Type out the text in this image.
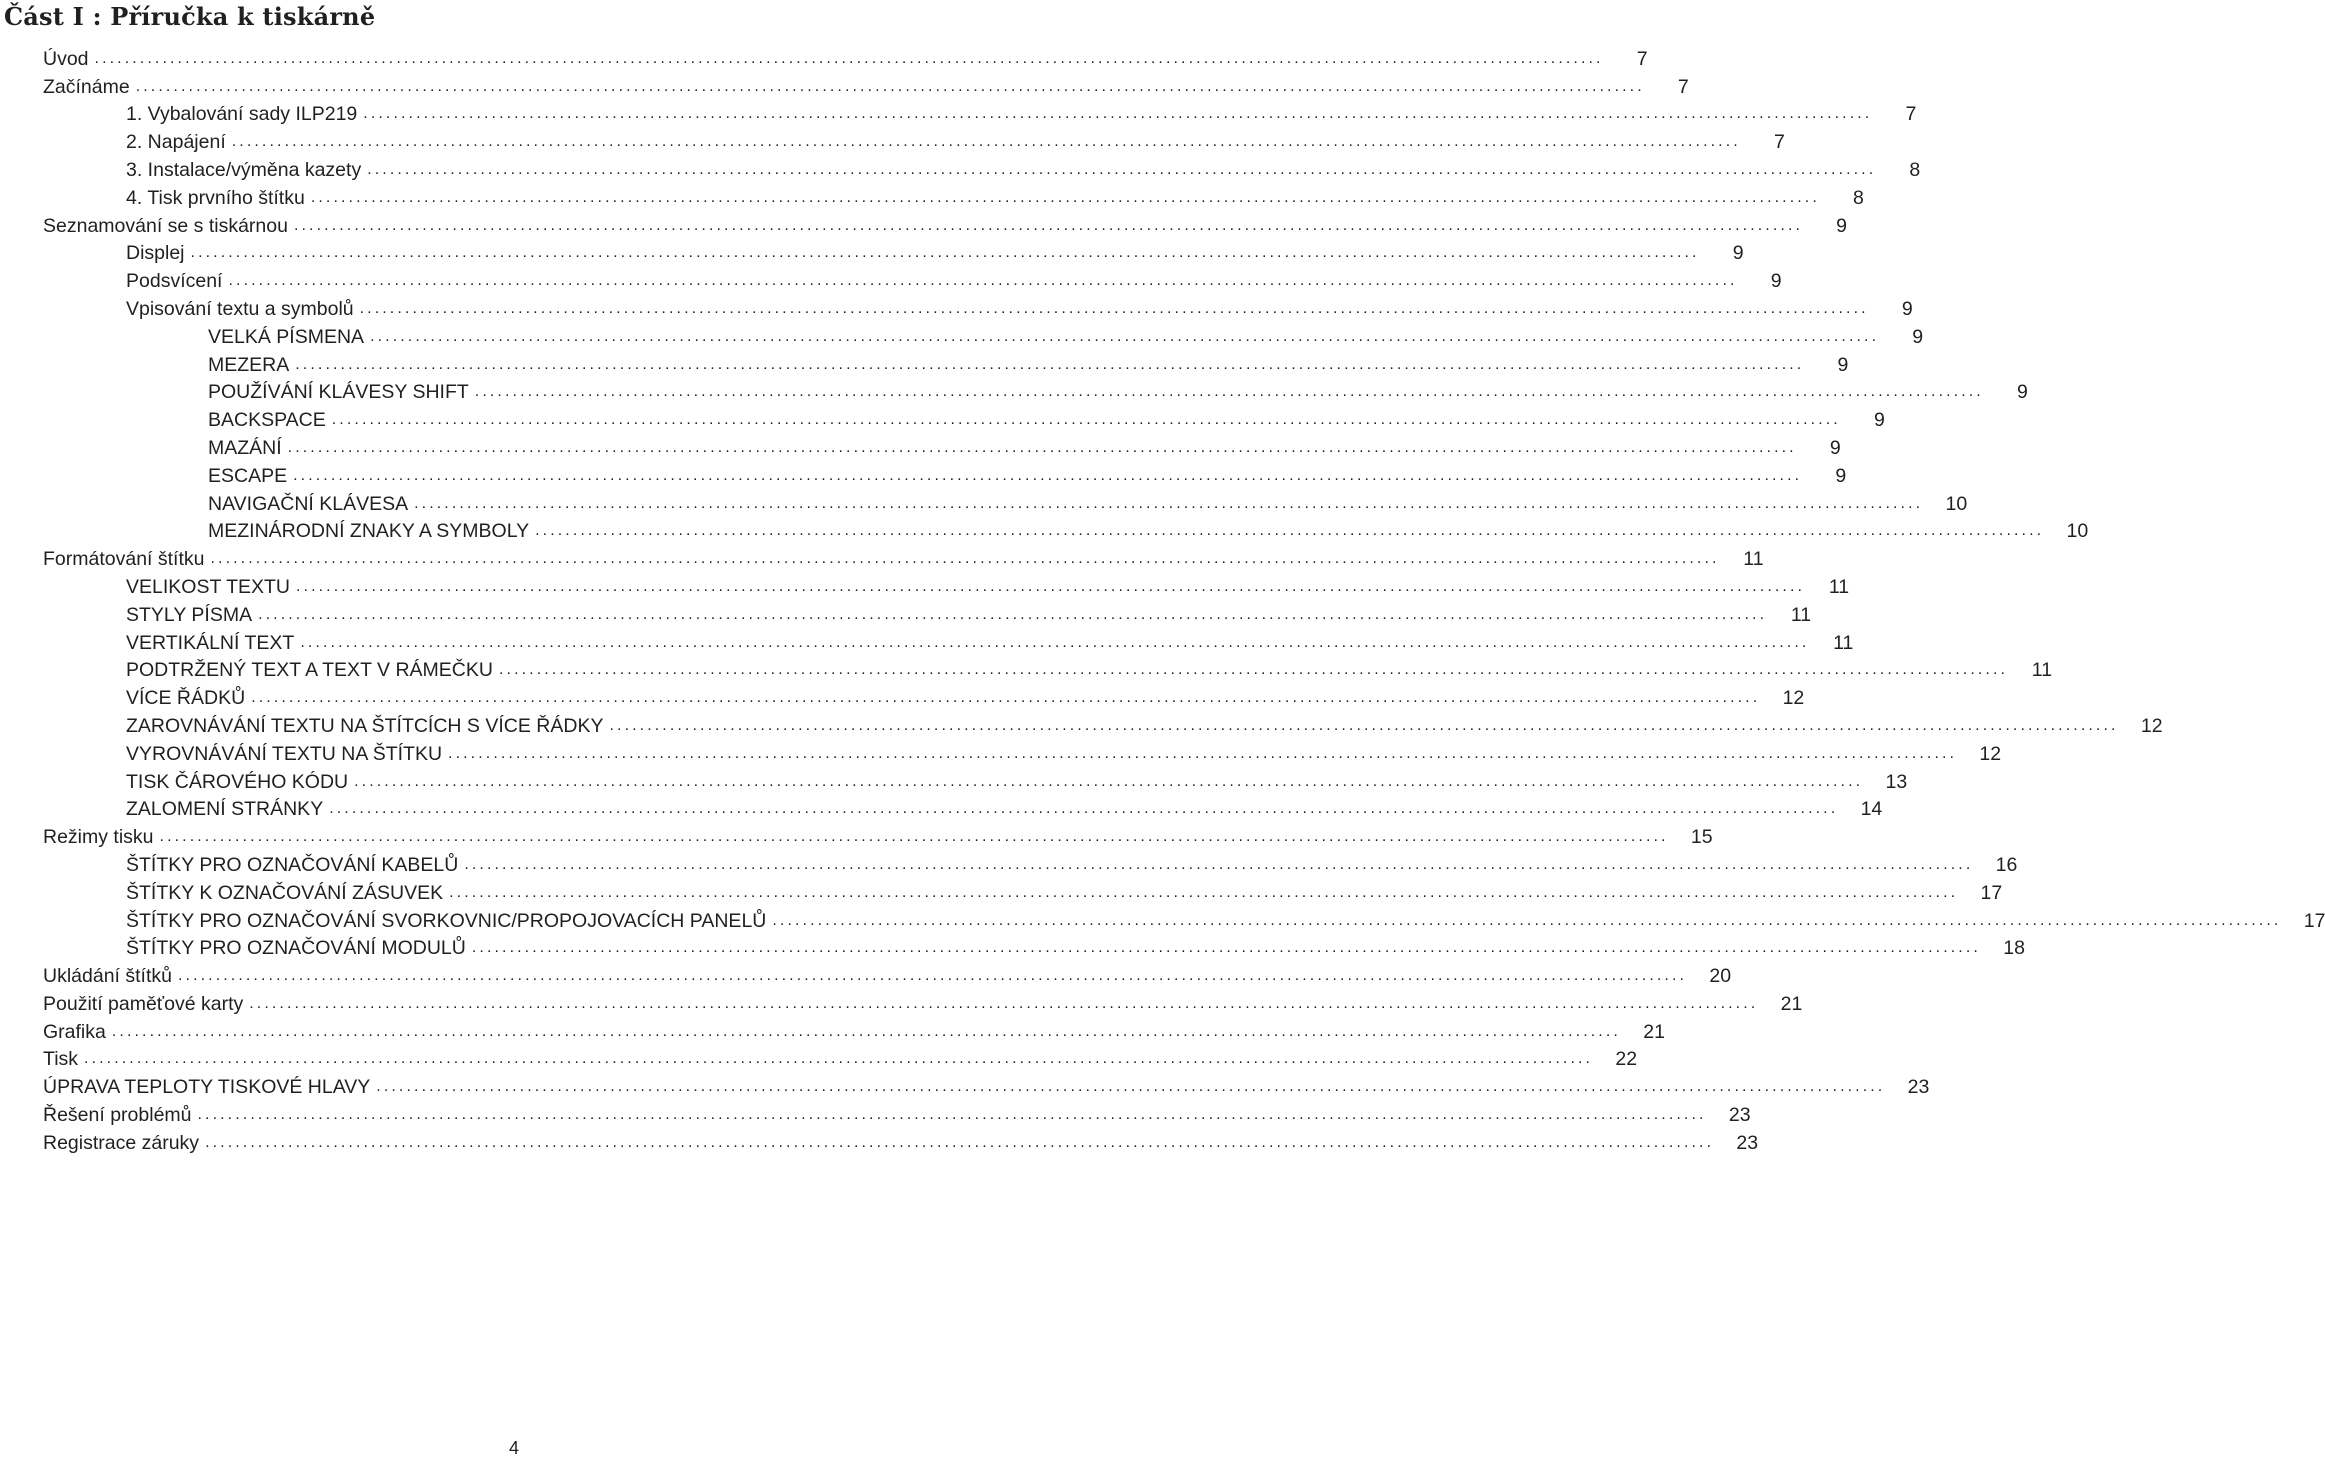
Část I : Příručka k tiskárně
Úvod ........................................................................................................................................................................................................	7
Začínáme ........................................................................................................................................................................................................	7
1. Vybalování sady ILP219 ........................................................................................................................................................................................................	7
2. Napájení ........................................................................................................................................................................................................	7
3. Instalace/výměna kazety ........................................................................................................................................................................................................	8
4. Tisk prvního štítku ........................................................................................................................................................................................................	8
Seznamování se s tiskárnou ........................................................................................................................................................................................................	9
Displej ........................................................................................................................................................................................................	9
Podsvícení ........................................................................................................................................................................................................	9
Vpisování textu a symbolů ........................................................................................................................................................................................................	9
VELKÁ PÍSMENA ........................................................................................................................................................................................................	9
MEZERA ........................................................................................................................................................................................................	9
POUŽÍVÁNÍ KLÁVESY SHIFT ........................................................................................................................................................................................................	9
BACKSPACE ........................................................................................................................................................................................................	9
MAZÁNÍ ........................................................................................................................................................................................................	9
ESCAPE ........................................................................................................................................................................................................	9
NAVIGAČNÍ KLÁVESA ........................................................................................................................................................................................................	10
MEZINÁRODNÍ ZNAKY A SYMBOLY ........................................................................................................................................................................................................	10
Formátování štítku ........................................................................................................................................................................................................	11
VELIKOST TEXTU ........................................................................................................................................................................................................	11
STYLY PÍSMA ........................................................................................................................................................................................................	11
VERTIKÁLNÍ TEXT ........................................................................................................................................................................................................	11
PODTRŽENÝ TEXT A TEXT V RÁMEČKU ........................................................................................................................................................................................................	11
VÍCE ŘÁDKŮ ........................................................................................................................................................................................................	12
ZAROVNÁVÁNÍ TEXTU NA ŠTÍTCÍCH S VÍCE ŘÁDKY ........................................................................................................................................................................................................	12
VYROVNÁVÁNÍ TEXTU NA ŠTÍTKU ........................................................................................................................................................................................................	12
TISK ČÁROVÉHO KÓDU ........................................................................................................................................................................................................	13
ZALOMENÍ STRÁNKY ........................................................................................................................................................................................................	14
Režimy tisku ........................................................................................................................................................................................................	15
ŠTÍTKY PRO OZNAČOVÁNÍ KABELŮ ........................................................................................................................................................................................................	16
ŠTÍTKY K OZNAČOVÁNÍ ZÁSUVEK ........................................................................................................................................................................................................	17
ŠTÍTKY PRO OZNAČOVÁNÍ SVORKOVNIC/PROPOJOVACÍCH PANELŮ ........................................................................................................................................................................................................	17
ŠTÍTKY PRO OZNAČOVÁNÍ MODULŮ ........................................................................................................................................................................................................	18
Ukládání štítků ........................................................................................................................................................................................................	20
Použití paměťové karty ........................................................................................................................................................................................................	21
Grafika ........................................................................................................................................................................................................	21
Tisk ........................................................................................................................................................................................................	22
ÚPRAVA TEPLOTY TISKOVÉ HLAVY ........................................................................................................................................................................................................	23
Řešení problémů ........................................................................................................................................................................................................	23
Registrace záruky ........................................................................................................................................................................................................	23
4
